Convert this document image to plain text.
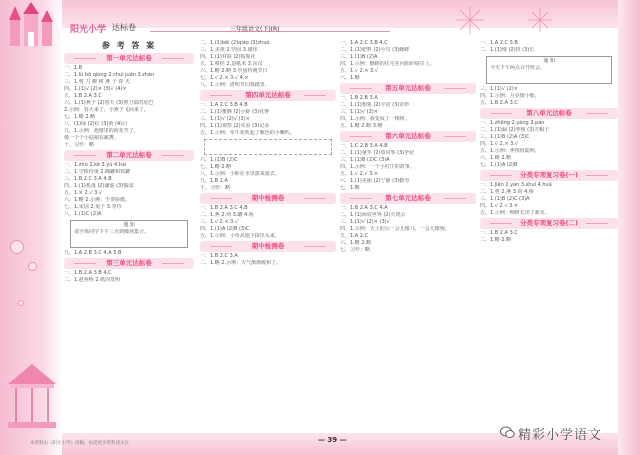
阳光小学 达标卷	三年级语文(下)(R)
参 考 答 案
第一单元达标卷
一、1.B
二、1.lǜ bō qióng 2.chuí juǎn 3.zhèn
三、1.剪 刀 柳 树 燕 子 春 天
四、1.(1)√ (2)× (3)√ (4)×
五、1.B 2.A 3.C
六、1.(1)燕子 (2)春天 (3)剪刀似的尾巴
2.示例：春天来了，小燕子飞回来了。
七、1.略 2.略
八、(1)绿 (2)红 (3)黄 (4)白
九、1.示例：池塘里的荷花开了，
像一个个小姑娘在跳舞。
十、习作：略
第二单元达标卷
一、1.zhū 2.kě 3.yù 4.hài
二、1.守株待兔 2.陶罐和铁罐
三、1.B 2.C 3.A 4.B
四、1.(1)奚落 (2)谦虚 (3)懦弱
五、1.× 2.√ 3.√
六、1.略 2.示例：不要骄傲。
七、1.宋国 2.兔子 3.等待
八、1.(1)C (2)A
通 知
请全体同学下午三点到操场集合。
九、1.A 2.B 3.C 4.A 5.B
第三单元达标卷
一、1.B 2.A 3.B 4.C
二、1.赵州桥 2.纸的发明
二、1.(1)bēi (2)qiáo (3)zhuó
三、1.美观 2.坚固 3.雄伟
四、1.(1)对联 (2)贴窗花
五、1.蔡伦 2.造纸术 3.东汉
六、1.略 2.略 3.中国传统节日
七、1.√ 2.× 3.√ 4.×
八、1.示例：清明节扫墓踏青。
第四单元达标卷
一、1.A 2.C 3.B 4.B
二、1.(1)蜜蜂 (2)小虾 (3)花钟
三、1.(1)√ (2)√ (3)×
四、1.(1)观察 (2)实验 (3)记录
五、1.示例：牵牛花吹起了紫色的小喇叭。
六、1.(1)B (2)C
七、1.略 2.略
八、1.示例：小虾在水里游来游去。
九、1.B 2.A
十、习作：略
期中检测卷
一、1.B 2.A 3.C 4.B
二、1.燕 2.荷 3.罐 4.桥
三、1.√ 2.× 3.√
四、1.(1)A (2)B (3)C
五、1.示例：小草从地下探出头来。
期中检测卷
一、1.B 2.C 3.A
二、1.略 2.示例：天气渐渐暖和了。
一、1.A 2.C 3.B 4.C
二、1.(1)肥料 (2)小鸟 (3)蟋蟀
三、1.(1)B (2)A
四、1.示例：蟋蟀的住宅在向阳的堤岸上。
五、1.√ 2.× 3.√
六、1.略
第五单元达标卷
一、1.B 2.B 3.A
二、1.(1)想象 (2)宇宙 (3)奇妙
三、1.(1)√ (2)×
四、1.示例：我变成了一棵树。
五、1.略 2.略 3.略
第六单元达标卷
一、1.C 2.B 3.A 4.B
二、1.(1)童年 (2)放风筝 (3)争论
三、1.(1)B (2)C (3)A
四、1.示例：一个小村庄的故事。
五、1.√ 2.√ 3.×
六、1.(1)美丽 (2)宁静 (3)勤劳
七、1.略
第七单元达标卷
一、1.B 2.A 3.C 4.A
二、1.(1)海底世界 (2)火烧云
三、1.(1)√ (2)× (3)√
四、1.示例：天上的云一会儿像马，一会儿像狗。
五、1.A 2.C
六、1.略 2.略
七、习作：略
一、1.A 2.C 3.B
二、1.(1)慢 (2)快 (3)长
通 知
今天下午两点召开班会。
三、1.(1)√ (2)×
四、1.示例：月亮像小船。
五、1.B 2.A 3.C
第八单元达标卷
一、1.zhēng 2.yáng 3.pán
二、1.(1)漏 (2)枣核 (3)方帽子
三、1.(1)B (2)A (3)C
四、1.√ 2.× 3.√
五、1.示例：枣核很聪明。
六、1.略 2.略
七、1.(1)A (2)B
分类专项复习卷(一)
一、1.jiǎn 2.yàn 3.shuǐ 4.huà
二、1.剪 2.燕 3.荷 4.桥
三、1.(1)B (2)C (3)A
四、1.√ 2.√ 3.×
五、1.示例：柳树长出了新芽。
分类专项复习卷(二)
一、1.B 2.A 3.C
二、1.略 2.略
本资料由《阳光小学》供稿，如需更多资料请关注	— 39 —	精彩小学语文
